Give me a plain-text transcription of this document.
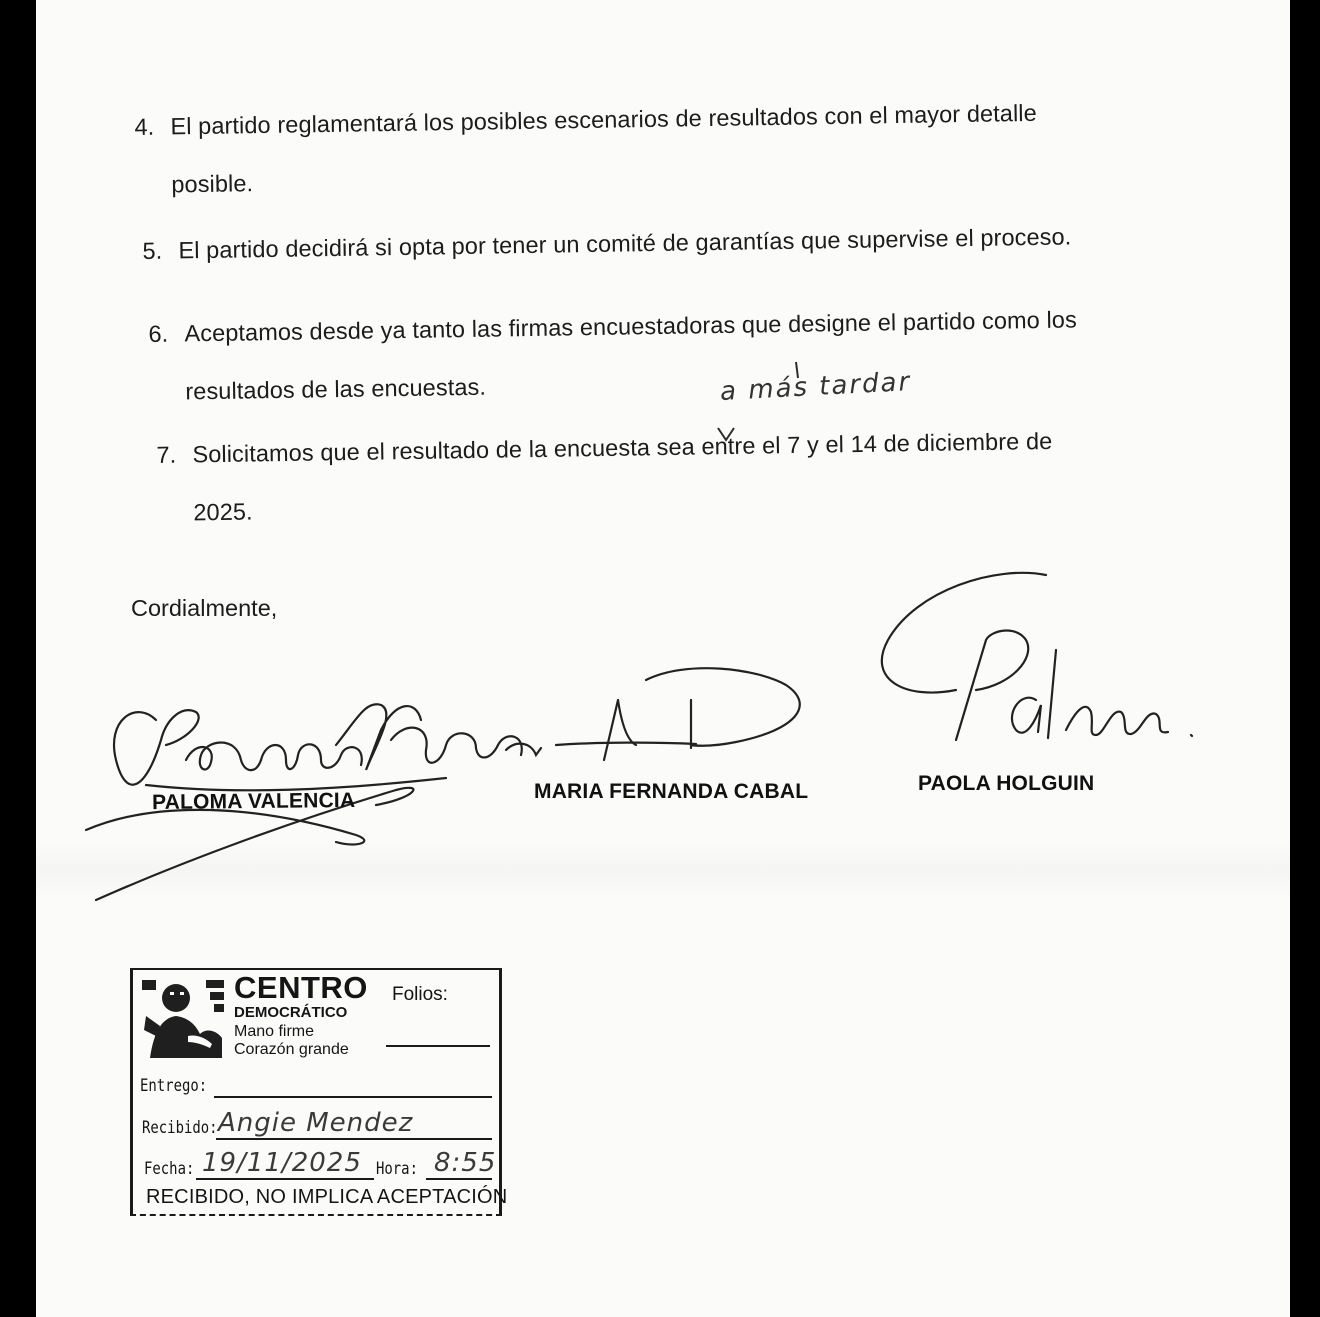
4. El partido reglamentará los posibles escenarios de resultados con el mayor detalle
posible.
5. El partido decidirá si opta por tener un comité de garantías que supervise el proceso.
6. Aceptamos desde ya tanto las firmas encuestadoras que designe el partido como los
resultados de las encuestas.
7. Solicitamos que el resultado de la encuesta sea entre el 7 y el 14 de diciembre de
2025.
a más tardar
Cordialmente,
PALOMA VALENCIA	MARIA FERNANDA CABAL	PAOLA HOLGUIN
CENTRO
DEMOCRÁTICO
Mano firme
Corazón grande
Folios:
Entrego:
Recibido: Angie Mendez
Fecha: 19/11/2025 Hora: 8:55
RECIBIDO, NO IMPLICA ACEPTACIÓN
